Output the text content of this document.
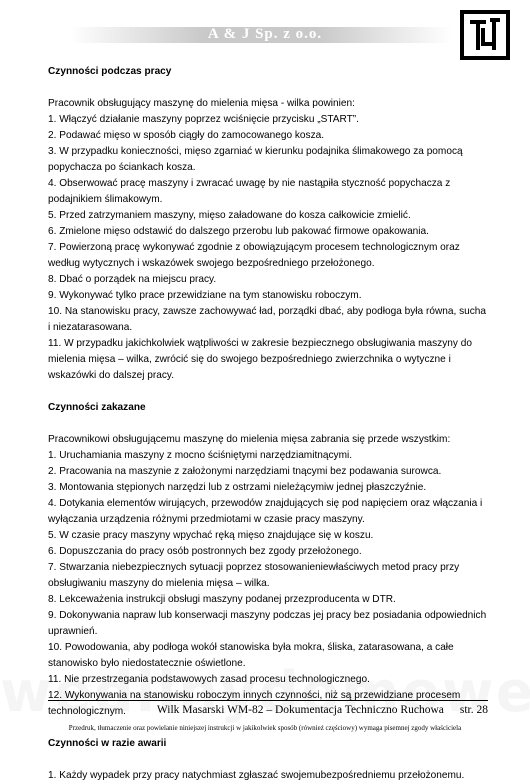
A & J Sp. z o.o.

Czynności podczas pracy

Pracownik obsługujący maszynę do mielenia mięsa - wilka powinien:

1. Włączyć działanie maszyny poprzez wciśnięcie przycisku „START”.

2. Podawać mięso w sposób ciągły do zamocowanego kosza.

3. W przypadku konieczności, mięso zgarniać w kierunku podajnika ślimakowego za pomocą popychacza po ściankach kosza.

4. Obserwować pracę maszyny i zwracać uwagę by nie nastąpiła styczność popychacza z podajnikiem ślimakowym.

5. Przed zatrzymaniem maszyny, mięso załadowane do kosza całkowicie zmielić.

6. Zmielone mięso odstawić do dalszego przerobu lub pakować firmowe opakowania.

7. Powierzoną pracę wykonywać zgodnie z obowiązującym procesem technologicznym oraz według wytycznych i wskazówek swojego bezpośredniego przełożonego.

8. Dbać o porządek na miejscu pracy.

9. Wykonywać tylko prace przewidziane na tym stanowisku roboczym.

10. Na stanowisku pracy, zawsze zachowywać ład, porządki dbać, aby podłoga była równa, sucha i niezatarasowana.

11. W przypadku jakichkolwiek wątpliwości w zakresie bezpiecznego obsługiwania maszyny do mielenia mięsa – wilka, zwrócić się do swojego bezpośredniego zwierzchnika o wytyczne i wskazówki do dalszej pracy.

Czynności zakazane

Pracownikowi obsługującemu maszynę do mielenia mięsa zabrania się przede wszystkim:

1. Uruchamiania maszyny z mocno ściśniętymi narzędziamitnącymi.

2. Pracowania na maszynie z założonymi narzędziami tnącymi bez podawania surowca.

3. Montowania stępionych narzędzi lub z ostrzami nieleżącymiw jednej płaszczyźnie.

4. Dotykania elementów wirujących, przewodów znajdujących się pod napięciem oraz włączania i wyłączania urządzenia różnymi przedmiotami w czasie pracy maszyny.

5. W czasie pracy maszyny wpychać ręką mięso znajdujące się w koszu.

6. Dopuszczania do pracy osób postronnych bez zgody przełożonego.

7. Stwarzania niebezpiecznych sytuacji poprzez stosowanieniewłaściwych metod pracy przy obsługiwaniu maszyny do mielenia mięsa – wilka.

8. Lekceważenia instrukcji obsługi maszyny podanej przezproducenta w DTR.

9. Dokonywania napraw lub konserwacji maszyny podczas jej pracy bez posiadania odpowiednich uprawnień.

10. Powodowania, aby podłoga wokół stanowiska była mokra, śliska, zatarasowana, a całe stanowisko było niedostatecznie oświetlone.

11. Nie przestrzegania podstawowych zasad procesu technologicznego.

12. Wykonywania na stanowisku roboczym innych czynności, niż są przewidziane procesem technologicznym.

Czynności w razie awarii

1. Każdy wypadek przy pracy natychmiast zgłaszać swojemubezpośredniemu przełożonemu.

Wilk Masarski WM-82 – Dokumentacja Techniczno Ruchowa str. 28
Przedruk, tłumaczenie oraz powielanie niniejszej instrukcji w jakikolwiek sposób (również częściowy) wymaga pisemnej zgody właściciela
